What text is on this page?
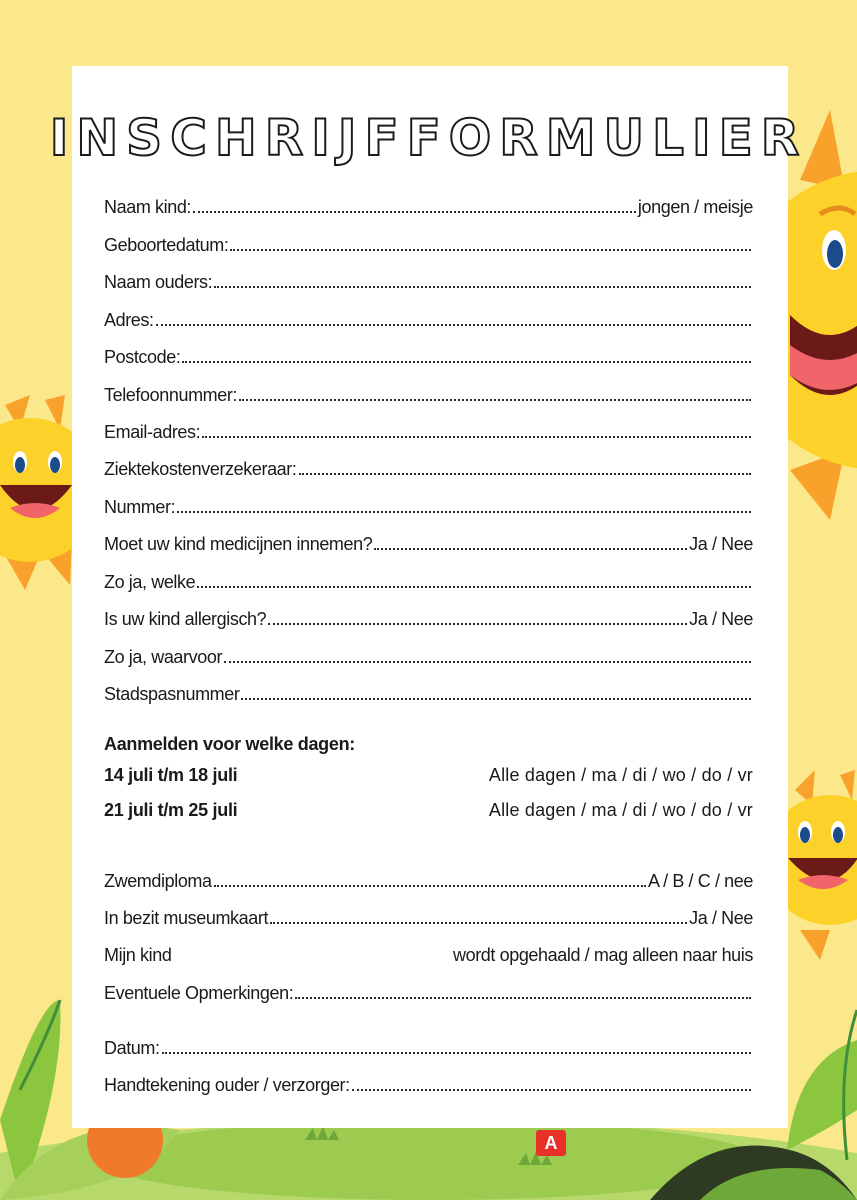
INSCHRIJFFORMULIER
Naam kind:	jongen / meisje
Geboortedatum:
Naam ouders:
Adres:
Postcode:
Telefoonnummer:
Email-adres:
Ziektekostenverzekeraar:
Nummer:
Moet uw kind medicijnen innemen?	Ja / Nee
Zo ja, welke
Is uw kind allergisch?	Ja / Nee
Zo ja, waarvoor
Stadspasnummer
Aanmelden voor welke dagen:
14 juli t/m 18 juli	Alle dagen / ma / di / wo / do / vr
21 juli t/m 25 juli	Alle dagen / ma / di / wo / do / vr
Zwemdiploma	A / B / C / nee
In bezit museumkaart	Ja / Nee
Mijn kind	wordt opgehaald / mag alleen naar huis
Eventuele Opmerkingen:
Datum:
Handtekening ouder / verzorger:
A
